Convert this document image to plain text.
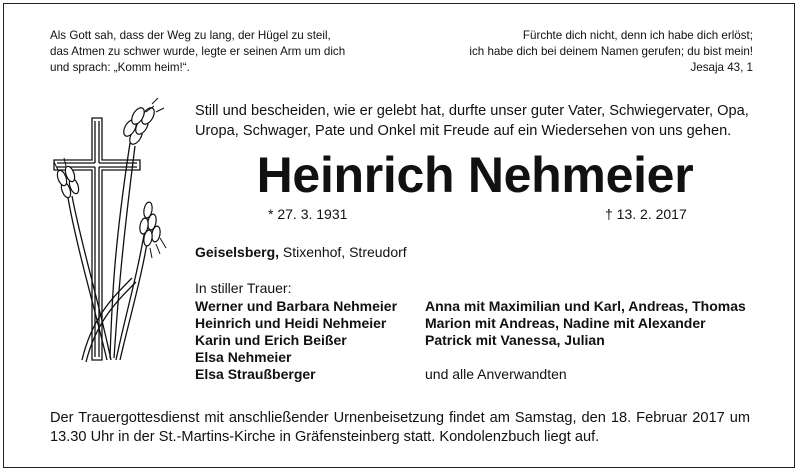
Als Gott sah, dass der Weg zu lang, der Hügel zu steil,
das Atmen zu schwer wurde, legte er seinen Arm um dich
und sprach: „Komm heim!“.
Fürchte dich nicht, denn ich habe dich erlöst;
ich habe dich bei deinem Namen gerufen; du bist mein!
Jesaja 43, 1
Still und bescheiden, wie er gelebt hat, durfte unser guter Vater, Schwiegervater, Opa, Uropa, Schwager, Pate und Onkel mit Freude auf ein Wiedersehen von uns gehen.
Heinrich Nehmeier
* 27. 3. 1931	† 13. 2. 2017
Geiselsberg, Stixenhof, Streudorf
In stiller Trauer:
Werner und Barbara Nehmeier
Heinrich und Heidi Nehmeier
Karin und Erich Beißer
Elsa Nehmeier
Elsa Straußberger
Anna mit Maximilian und Karl, Andreas, Thomas
Marion mit Andreas, Nadine mit Alexander
Patrick mit Vanessa, Julian
und alle Anverwandten
Der Trauergottesdienst mit anschließender Urnenbeisetzung findet am Samstag, den 18. Februar 2017 um 13.30 Uhr in der St.-Martins-Kirche in Gräfensteinberg statt. Kondolenzbuch liegt auf.
